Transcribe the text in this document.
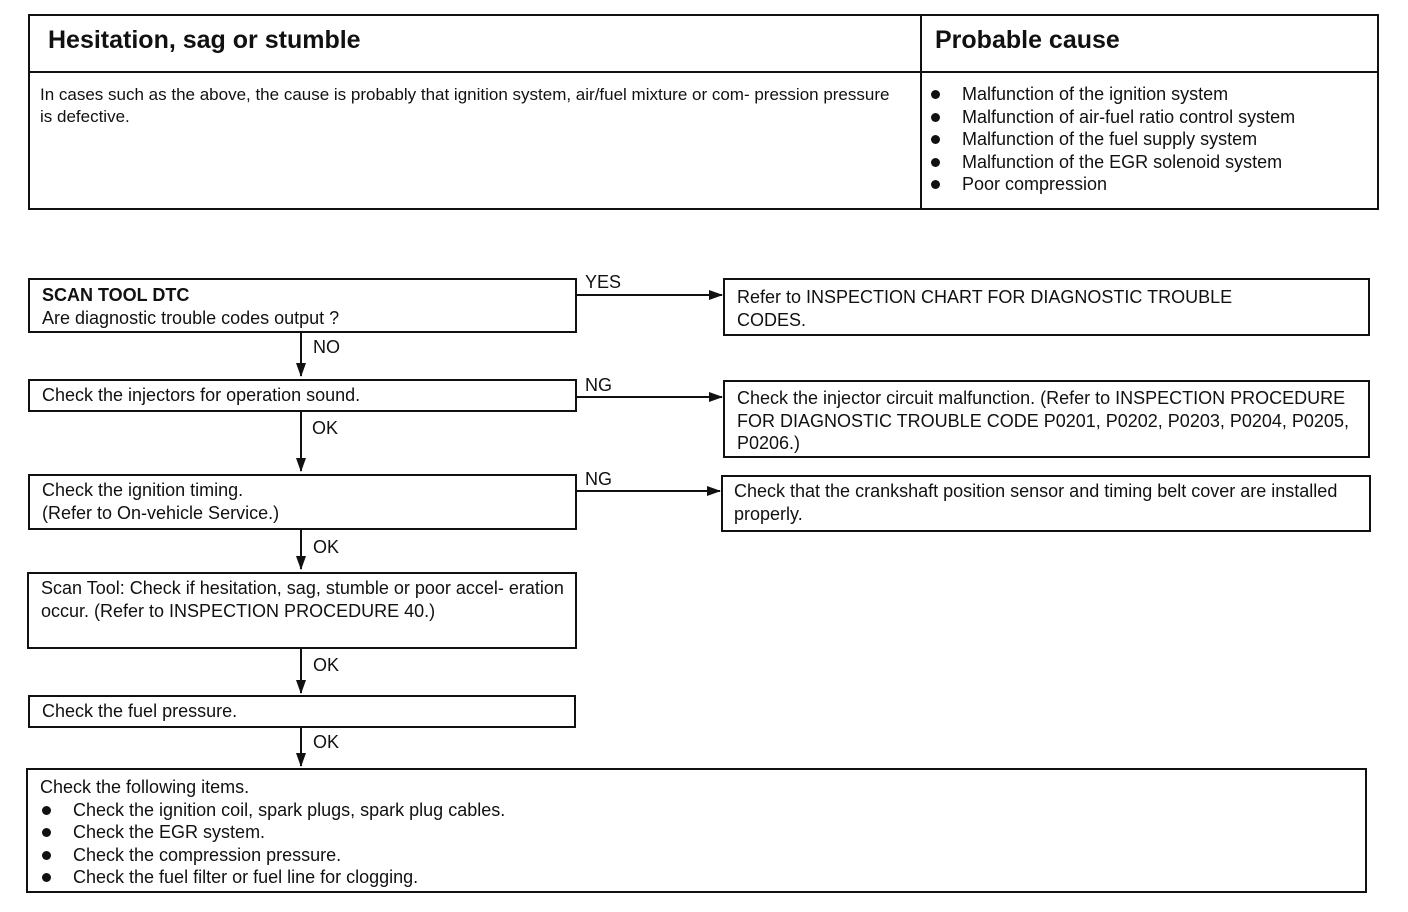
Hesitation, sag or stumble	Probable cause
In cases such as the above, the cause is probably that ignition system, air/fuel mixture or com- pression pressure is defective.
Malfunction of the ignition system
Malfunction of air-fuel ratio control system
Malfunction of the fuel supply system
Malfunction of the EGR solenoid system
Poor compression
SCAN TOOL DTC
Are diagnostic trouble codes output ?
YES
Refer to INSPECTION CHART FOR DIAGNOSTIC TROUBLE CODES.
NO
Check the injectors for operation sound.	NG
Check the injector circuit malfunction. (Refer to INSPECTION PROCEDURE FOR DIAGNOSTIC TROUBLE CODE P0201, P0202, P0203, P0204, P0205, P0206.)
OK
Check the ignition timing.
(Refer to On-vehicle Service.)
NG
Check that the crankshaft position sensor and timing belt cover are installed properly.
OK
Scan Tool: Check if hesitation, sag, stumble or poor accel- eration occur. (Refer to INSPECTION PROCEDURE 40.)
OK
Check the fuel pressure.
OK
Check the following items.
Check the ignition coil, spark plugs, spark plug cables.
Check the EGR system.
Check the compression pressure.
Check the fuel filter or fuel line for clogging.
